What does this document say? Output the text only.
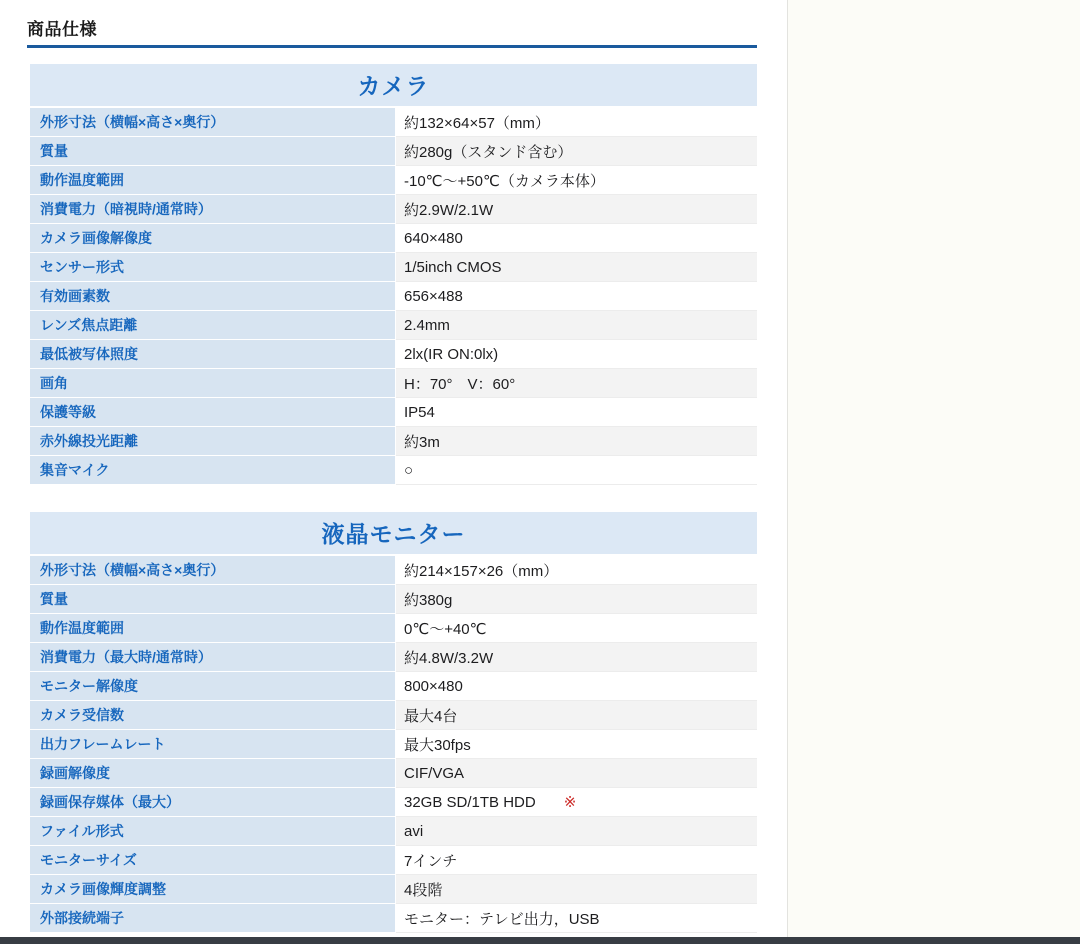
商品仕様
カメラ
外形寸法（横幅×高さ×奥行）	約132×64×57（mm）
質量	約280g（スタンド含む）
動作温度範囲	-10℃～+50℃（カメラ本体）
消費電力（暗視時/通常時）	約2.9W/2.1W
カメラ画像解像度	640×480
センサー形式	1/5inch CMOS
有効画素数	656×488
レンズ焦点距離	2.4mm
最低被写体照度	2lx(IR ON:0lx)
画角	H：70°　V：60°
保護等級	IP54
赤外線投光距離	約3m
集音マイク	○
液晶モニター
外形寸法（横幅×高さ×奥行）	約214×157×26（mm）
質量	約380g
動作温度範囲	0℃～+40℃
消費電力（最大時/通常時）	約4.8W/3.2W
モニター解像度	800×480
カメラ受信数	最大4台
出力フレームレート	最大30fps
録画解像度	CIF/VGA
録画保存媒体（最大）	32GB SD/1TB HDD ※
ファイル形式	avi
モニターサイズ	7インチ
カメラ画像輝度調整	4段階
外部接続端子	モニター：テレビ出力，USB
